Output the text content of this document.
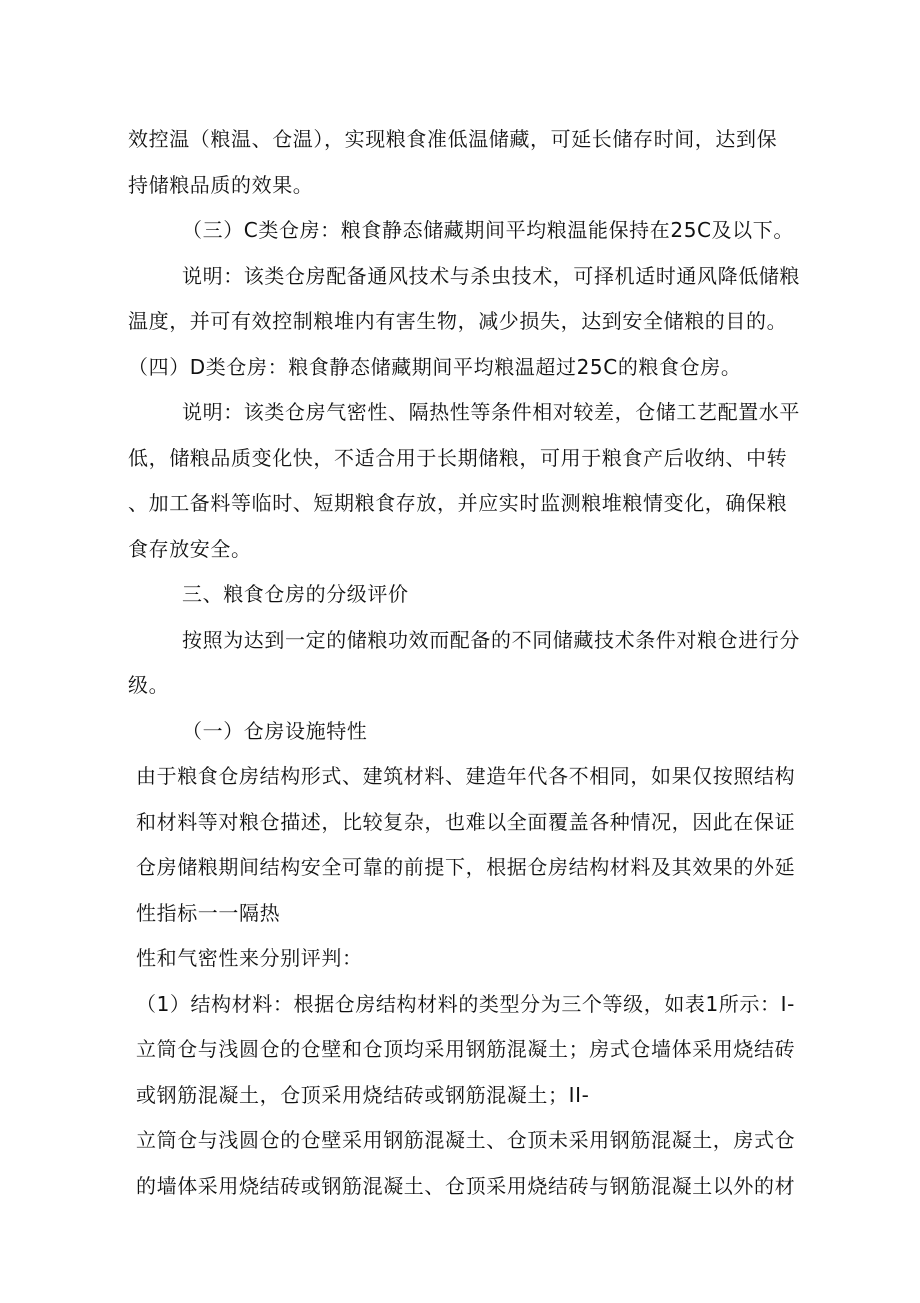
效控温（粮温、仓温），实现粮食准低温储藏，可延长储存时间，达到保
持储粮品质的效果。
（三）C类仓房：粮食静态储藏期间平均粮温能保持在25C及以下。
说明：该类仓房配备通风技术与杀虫技术，可择机适时通风降低储粮
温度，并可有效控制粮堆内有害生物，减少损失，达到安全储粮的目的。
（四）D类仓房：粮食静态储藏期间平均粮温超过25C的粮食仓房。
说明：该类仓房气密性、隔热性等条件相对较差，仓储工艺配置水平
低，储粮品质变化快，不适合用于长期储粮，可用于粮食产后收纳、中转
、加工备料等临时、短期粮食存放，并应实时监测粮堆粮情变化，确保粮
食存放安全。
三、粮食仓房的分级评价
按照为达到一定的储粮功效而配备的不同储藏技术条件对粮仓进行分
级。
（一）仓房设施特性
由于粮食仓房结构形式、建筑材料、建造年代各不相同，如果仅按照结构
和材料等对粮仓描述，比较复杂，也难以全面覆盖各种情况，因此在保证
仓房储粮期间结构安全可靠的前提下，根据仓房结构材料及其效果的外延
性指标一一隔热
性和气密性来分别评判：
（1）结构材料：根据仓房结构材料的类型分为三个等级，如表1所示：I-
立筒仓与浅圆仓的仓壁和仓顶均采用钢筋混凝土；房式仓墙体采用烧结砖
或钢筋混凝土，仓顶采用烧结砖或钢筋混凝土；II-
立筒仓与浅圆仓的仓壁采用钢筋混凝土、仓顶未采用钢筋混凝土，房式仓
的墙体采用烧结砖或钢筋混凝土、仓顶采用烧结砖与钢筋混凝土以外的材
